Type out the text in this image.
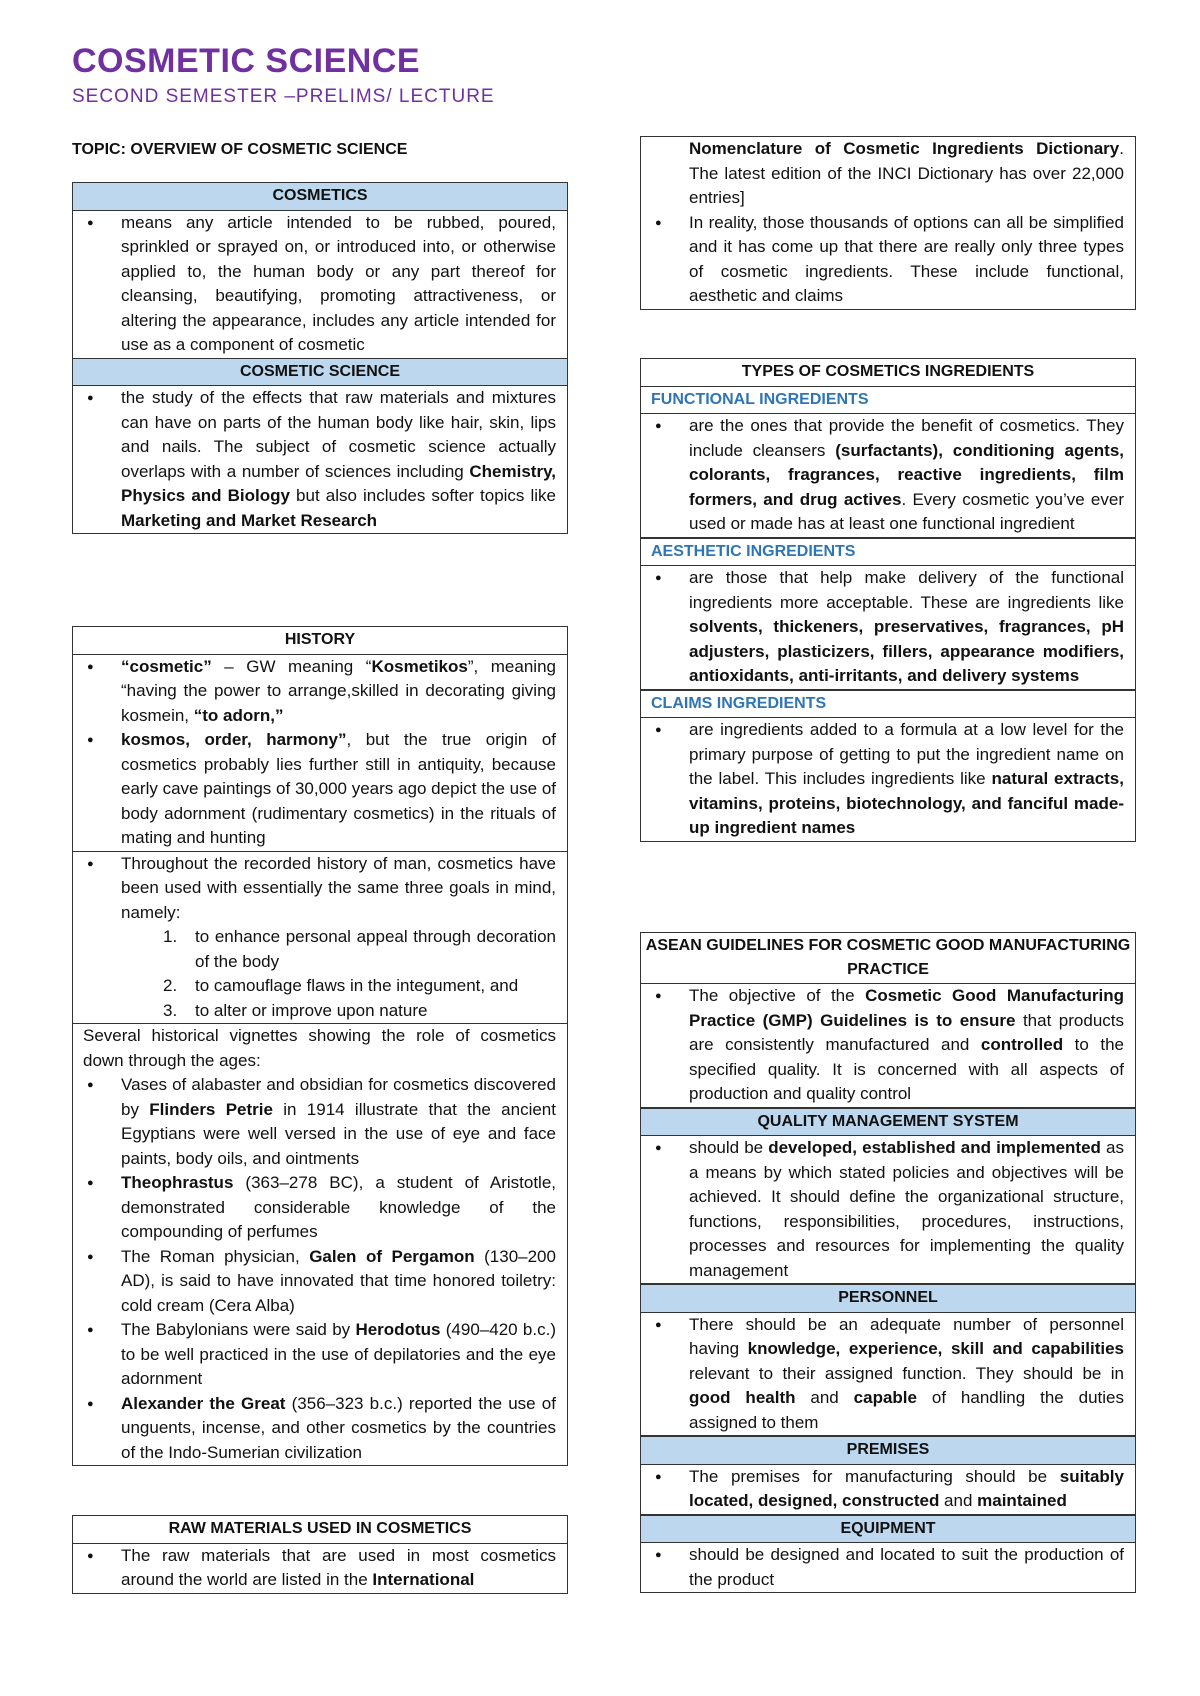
COSMETIC SCIENCE
SECOND SEMESTER –PRELIMS/ LECTURE
TOPIC: OVERVIEW OF COSMETIC SCIENCE
COSMETICS
● means any article intended to be rubbed, poured, sprinkled or sprayed on, or introduced into, or otherwise applied to, the human body or any part thereof for cleansing, beautifying, promoting attractiveness, or altering the appearance, includes any article intended for use as a component of cosmetic
COSMETIC SCIENCE
● the study of the effects that raw materials and mixtures can have on parts of the human body like hair, skin, lips and nails. The subject of cosmetic science actually overlaps with a number of sciences including Chemistry, Physics and Biology but also includes softer topics like Marketing and Market Research
HISTORY
● “cosmetic” – GW meaning “Kosmetikos”, meaning “having the power to arrange,skilled in decorating giving kosmein, “to adorn,”
● kosmos, order, harmony”, but the true origin of cosmetics probably lies further still in antiquity, because early cave paintings of 30,000 years ago depict the use of body adornment (rudimentary cosmetics) in the rituals of mating and hunting
● Throughout the recorded history of man, cosmetics have been used with essentially the same three goals in mind, namely:
1. to enhance personal appeal through decoration of the body
2. to camouflage flaws in the integument, and
3. to alter or improve upon nature
Several historical vignettes showing the role of cosmetics down through the ages:
● Vases of alabaster and obsidian for cosmetics discovered by Flinders Petrie in 1914 illustrate that the ancient Egyptians were well versed in the use of eye and face paints, body oils, and ointments
● Theophrastus (363–278 BC), a student of Aristotle, demonstrated considerable knowledge of the compounding of perfumes
● The Roman physician, Galen of Pergamon (130–200 AD), is said to have innovated that time honored toiletry: cold cream (Cera Alba)
● The Babylonians were said by Herodotus (490–420 b.c.) to be well practiced in the use of depilatories and the eye adornment
● Alexander the Great (356–323 b.c.) reported the use of unguents, incense, and other cosmetics by the countries of the Indo-Sumerian civilization
RAW MATERIALS USED IN COSMETICS
● The raw materials that are used in most cosmetics around the world are listed in the International
Nomenclature of Cosmetic Ingredients Dictionary. The latest edition of the INCI Dictionary has over 22,000 entries]
● In reality, those thousands of options can all be simplified and it has come up that there are really only three types of cosmetic ingredients. These include functional, aesthetic and claims
TYPES OF COSMETICS INGREDIENTS
FUNCTIONAL INGREDIENTS
● are the ones that provide the benefit of cosmetics. They include cleansers (surfactants), conditioning agents, colorants, fragrances, reactive ingredients, film formers, and drug actives. Every cosmetic you’ve ever used or made has at least one functional ingredient
AESTHETIC INGREDIENTS
● are those that help make delivery of the functional ingredients more acceptable. These are ingredients like solvents, thickeners, preservatives, fragrances, pH adjusters, plasticizers, fillers, appearance modifiers, antioxidants, anti-irritants, and delivery systems
CLAIMS INGREDIENTS
● are ingredients added to a formula at a low level for the primary purpose of getting to put the ingredient name on the label. This includes ingredients like natural extracts, vitamins, proteins, biotechnology, and fanciful made-up ingredient names
ASEAN GUIDELINES FOR COSMETIC GOOD MANUFACTURING PRACTICE
● The objective of the Cosmetic Good Manufacturing Practice (GMP) Guidelines is to ensure that products are consistently manufactured and controlled to the specified quality. It is concerned with all aspects of production and quality control
QUALITY MANAGEMENT SYSTEM
● should be developed, established and implemented as a means by which stated policies and objectives will be achieved. It should define the organizational structure, functions, responsibilities, procedures, instructions, processes and resources for implementing the quality management
PERSONNEL
● There should be an adequate number of personnel having knowledge, experience, skill and capabilities relevant to their assigned function. They should be in good health and capable of handling the duties assigned to them
PREMISES
● The premises for manufacturing should be suitably located, designed, constructed and maintained
EQUIPMENT
● should be designed and located to suit the production of the product
